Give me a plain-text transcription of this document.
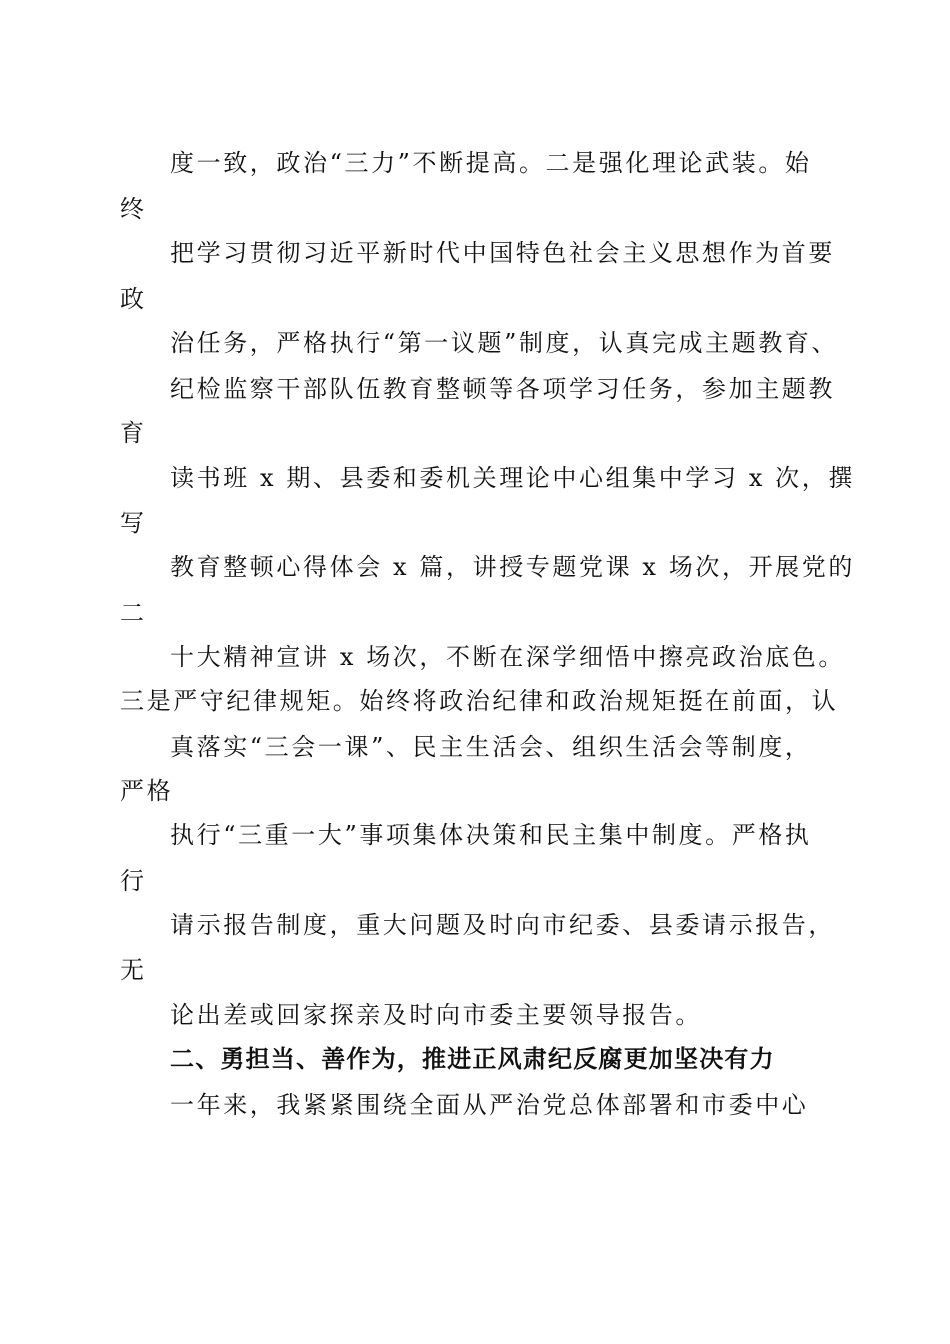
度一致，政治“三力”不断提高。二是强化理论武装。始
终
把学习贯彻习近平新时代中国特色社会主义思想作为首要
政
治任务，严格执行“第一议题”制度，认真完成主题教育、
纪检监察干部队伍教育整顿等各项学习任务，参加主题教
育
读书班 x 期、县委和委机关理论中心组集中学习 x 次，撰
写
教育整顿心得体会 x 篇，讲授专题党课 x 场次，开展党的
二
十大精神宣讲 x 场次，不断在深学细悟中擦亮政治底色。
三是严守纪律规矩。始终将政治纪律和政治规矩挺在前面，认
真落实“三会一课”、民主生活会、组织生活会等制度，
严格
执行“三重一大”事项集体决策和民主集中制度。严格执
行
请示报告制度，重大问题及时向市纪委、县委请示报告，
无
论出差或回家探亲及时向市委主要领导报告。
二、勇担当、善作为，推进正风肃纪反腐更加坚决有力
一年来，我紧紧围绕全面从严治党总体部署和市委中心
